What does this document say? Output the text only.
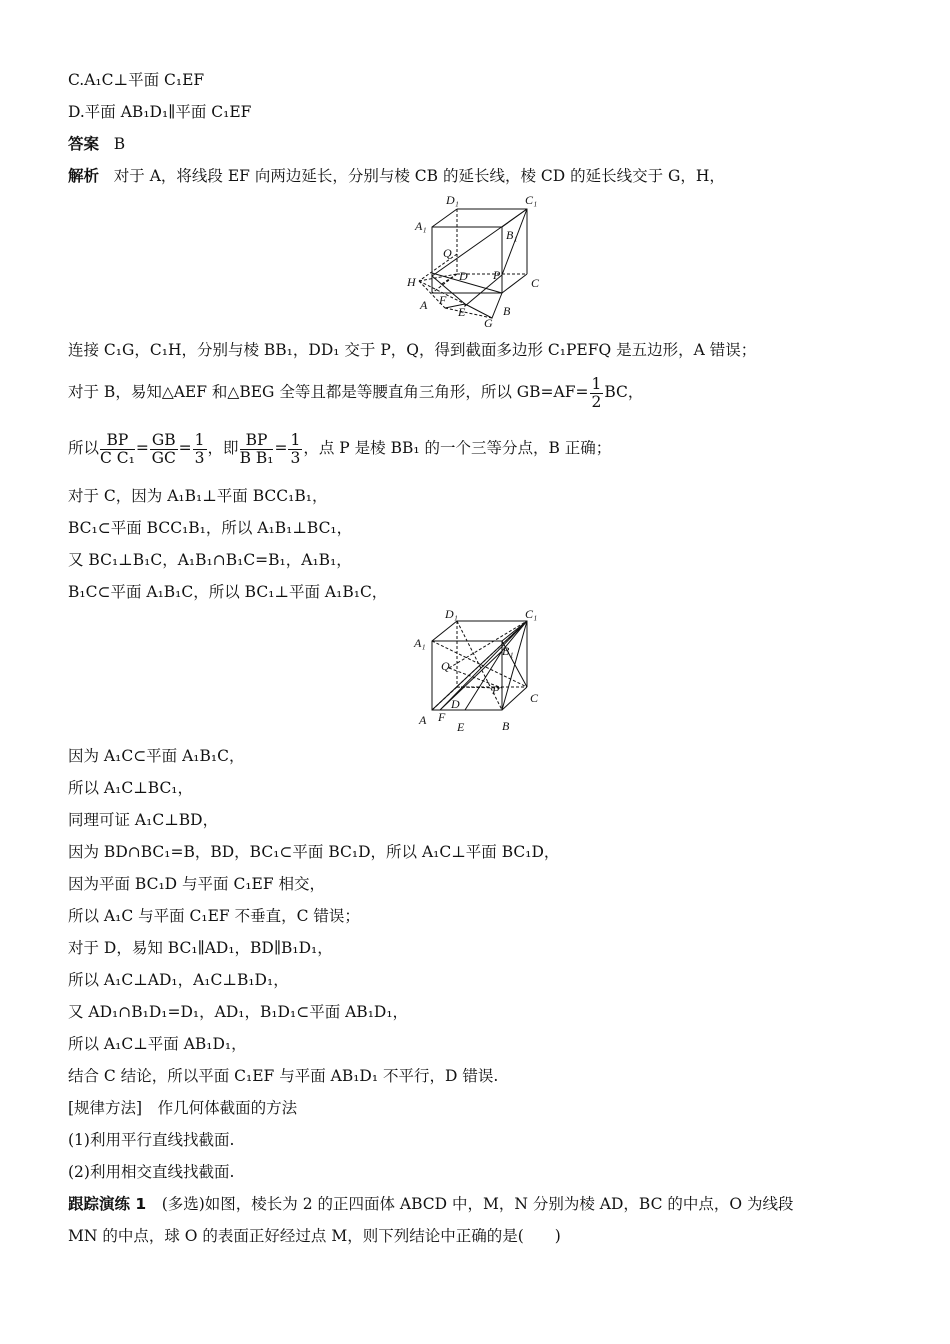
C.A₁C⊥平面 C₁EF
D.平面 AB₁D₁∥平面 C₁EF
答案 B
解析 对于 A，将线段 EF 向两边延长，分别与棱 CB 的延长线，棱 CD 的延长线交于 G，H，
D₁	C₁
A₁
B₁
Q
D P
H	C
A F
E	B
G
连接 C₁G，C₁H，分别与棱 BB₁，DD₁ 交于 P，Q，得到截面多边形 C₁PEFQ 是五边形，A 错误；
对于 B，易知△AEF 和△BEG 全等且都是等腰直角三角形，所以 $GB=AF= \frac{1}{2}$ BC，
所以 $\frac{BP}{\text{C C₁}} = \frac{GB}{GC} = \frac{1}{3}$ ，即 $\frac{BP}{\text{B B₁}} = \frac{1}{3}$ ，点 P 是棱 BB₁ 的一个三等分点，B 正确；
对于 C，因为 A₁B₁⊥平面 BCC₁B₁，
BC₁⊂平面 BCC₁B₁，所以 A₁B₁⊥BC₁，
又 BC₁⊥B₁C，A₁B₁∩B₁C=B₁，A₁B₁，
B₁C⊂平面 A₁B₁C，所以 BC₁⊥平面 A₁B₁C，
D₁	C₁
A₁
B₁
Q
P
C
D
A F
E	B
因为 A₁C⊂平面 A₁B₁C，
所以 A₁C⊥BC₁，
同理可证 A₁C⊥BD，
因为 BD∩BC₁=B，BD，BC₁⊂平面 BC₁D，所以 A₁C⊥平面 BC₁D，
因为平面 BC₁D 与平面 C₁EF 相交，
所以 A₁C 与平面 C₁EF 不垂直，C 错误；
对于 D，易知 BC₁∥AD₁，BD∥B₁D₁，
所以 A₁C⊥AD₁，A₁C⊥B₁D₁，
又 AD₁∩B₁D₁=D₁，AD₁，B₁D₁⊂平面 AB₁D₁，
所以 A₁C⊥平面 AB₁D₁，
结合 C 结论，所以平面 C₁EF 与平面 AB₁D₁ 不平行，D 错误.
[规律方法]　作几何体截面的方法
(1)利用平行直线找截面.
(2)利用相交直线找截面.
跟踪演练 1　(多选)如图，棱长为 2 的正四面体 ABCD 中，M，N 分别为棱 AD，BC 的中点，O 为线段
MN 的中点，球 O 的表面正好经过点 M，则下列结论中正确的是(　　)
